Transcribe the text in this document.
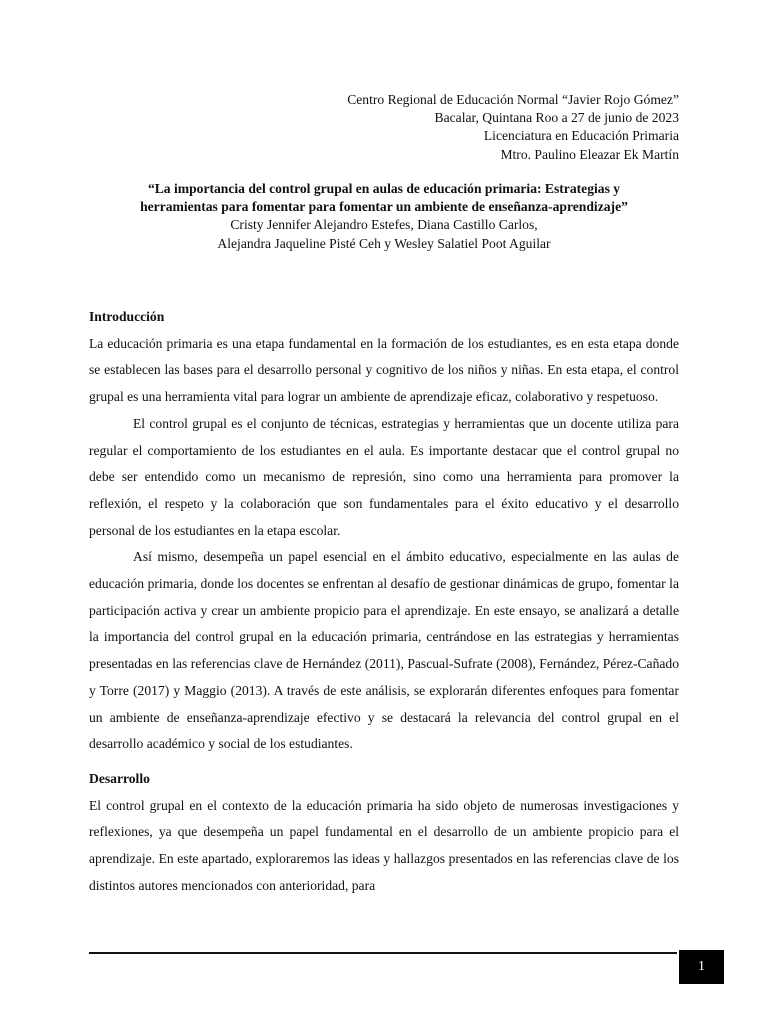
Centro Regional de Educación Normal “Javier Rojo Gómez”
Bacalar, Quintana Roo a 27 de junio de 2023
Licenciatura en Educación Primaria
Mtro. Paulino Eleazar Ek Martín
“La importancia del control grupal en aulas de educación primaria: Estrategias y
herramientas para fomentar para fomentar un ambiente de enseñanza-aprendizaje”
Cristy Jennifer Alejandro Estefes, Diana Castillo Carlos,
Alejandra Jaqueline Pisté Ceh y Wesley Salatiel Poot Aguilar

Introducción

La educación primaria es una etapa fundamental en la formación de los estudiantes, es en esta etapa donde se establecen las bases para el desarrollo personal y cognitivo de los niños y niñas. En esta etapa, el control grupal es una herramienta vital para lograr un ambiente de aprendizaje eficaz, colaborativo y respetuoso.

El control grupal es el conjunto de técnicas, estrategias y herramientas que un docente utiliza para regular el comportamiento de los estudiantes en el aula. Es importante destacar que el control grupal no debe ser entendido como un mecanismo de represión, sino como una herramienta para promover la reflexión, el respeto y la colaboración que son fundamentales para el éxito educativo y el desarrollo personal de los estudiantes en la etapa escolar.

Así mismo, desempeña un papel esencial en el ámbito educativo, especialmente en las aulas de educación primaria, donde los docentes se enfrentan al desafío de gestionar dinámicas de grupo, fomentar la participación activa y crear un ambiente propicio para el aprendizaje. En este ensayo, se analizará a detalle la importancia del control grupal en la educación primaria, centrándose en las estrategias y herramientas presentadas en las referencias clave de Hernández (2011), Pascual-Sufrate (2008), Fernández, Pérez-Cañado y Torre (2017) y Maggio (2013). A través de este análisis, se explorarán diferentes enfoques para fomentar un ambiente de enseñanza-aprendizaje efectivo y se destacará la relevancia del control grupal en el desarrollo académico y social de los estudiantes.

Desarrollo

El control grupal en el contexto de la educación primaria ha sido objeto de numerosas investigaciones y reflexiones, ya que desempeña un papel fundamental en el desarrollo de un ambiente propicio para el aprendizaje. En este apartado, exploraremos las ideas y hallazgos presentados en las referencias clave de los distintos autores mencionados con anterioridad, para

1
